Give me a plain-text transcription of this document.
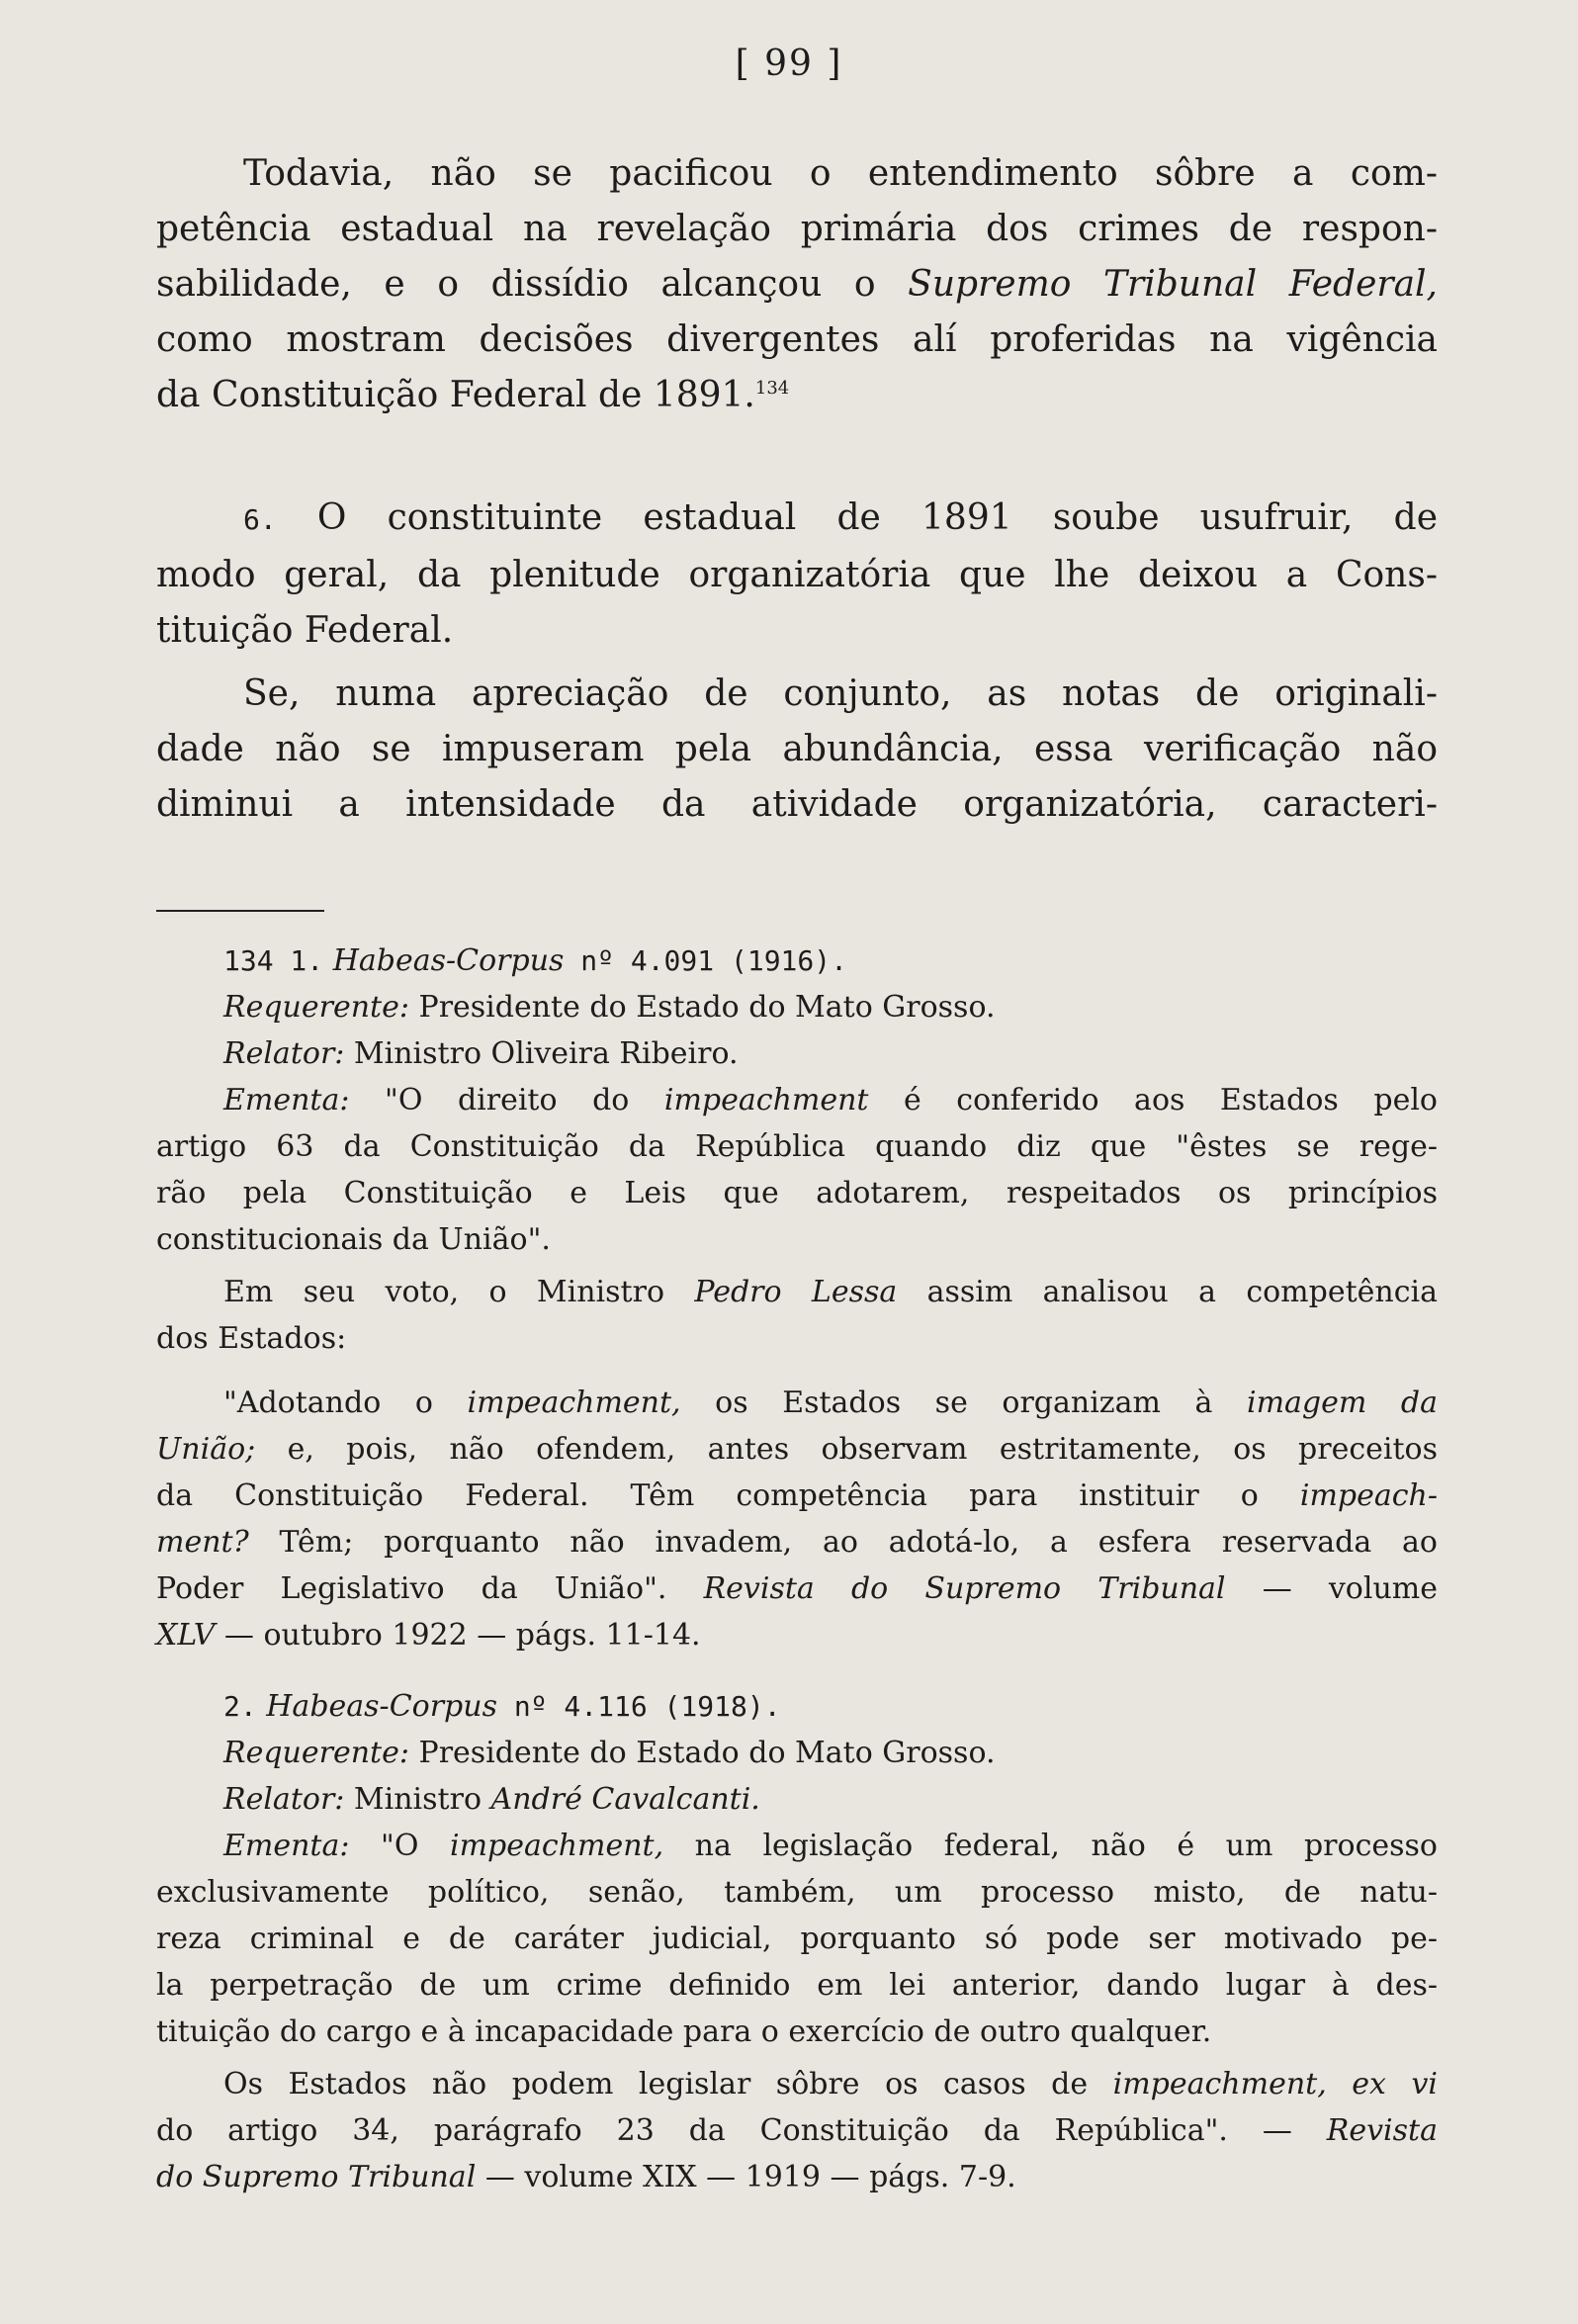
[ 99 ]

Todavia, não se pacificou o entendimento sôbre a com-
petência estadual na revelação primária dos crimes de respon-
sabilidade, e o dissídio alcançou o Supremo Tribunal Federal,
como mostram decisões divergentes alí proferidas na vigência
da Constituição Federal de 1891.$^{134}$

6. O constituinte estadual de 1891 soube usufruir, de
modo geral, da plenitude organizatória que lhe deixou a Cons-
tituição Federal.

Se, numa apreciação de conjunto, as notas de originali-
dade não se impuseram pela abundância, essa verificação não
diminui a intensidade da atividade organizatória, caracteri-

134 1. Habeas-Corpus nº 4.091 (1916).
Requerente: Presidente do Estado do Mato Grosso.
Relator: Ministro Oliveira Ribeiro.
Ementa: "O direito do impeachment é conferido aos Estados pelo
artigo 63 da Constituição da República quando diz que "êstes se rege-
rão pela Constituição e Leis que adotarem, respeitados os princípios
constitucionais da União".
Em seu voto, o Ministro Pedro Lessa assim analisou a competência
dos Estados:
"Adotando o impeachment, os Estados se organizam à imagem da
União; e, pois, não ofendem, antes observam estritamente, os preceitos
da Constituição Federal. Têm competência para instituir o impeach-
ment? Têm; porquanto não invadem, ao adotá-lo, a esfera reservada ao
Poder Legislativo da União". Revista do Supremo Tribunal — volume
XLV — outubro 1922 — págs. 11-14.
2. Habeas-Corpus nº 4.116 (1918).
Requerente: Presidente do Estado do Mato Grosso.
Relator: Ministro André Cavalcanti.
Ementa: "O impeachment, na legislação federal, não é um processo
exclusivamente político, senão, também, um processo misto, de natu-
reza criminal e de caráter judicial, porquanto só pode ser motivado pe-
la perpetração de um crime definido em lei anterior, dando lugar à des-
tituição do cargo e à incapacidade para o exercício de outro qualquer.
Os Estados não podem legislar sôbre os casos de impeachment, ex vi
do artigo 34, parágrafo 23 da Constituição da República". — Revista
do Supremo Tribunal — volume XIX — 1919 — págs. 7-9.
